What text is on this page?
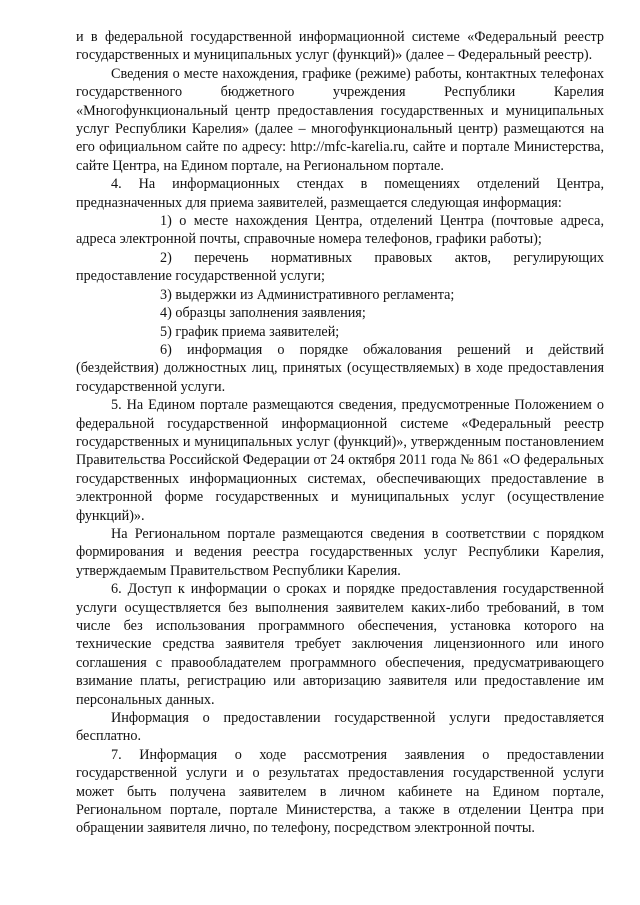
и в федеральной государственной информационной системе «Федеральный реестр государственных и муниципальных услуг (функций)» (далее – Федеральный реестр).

Сведения о месте нахождения, графике (режиме) работы, контактных телефонах государственного бюджетного учреждения Республики Карелия «Многофункциональный центр предоставления государственных и муниципальных услуг Республики Карелия» (далее – многофункциональный центр) размещаются на его официальном сайте по адресу: http://mfc-karelia.ru, сайте и портале Министерства, сайте Центра, на Едином портале, на Региональном портале.

4. На информационных стендах в помещениях отделений Центра, предназначенных для приема заявителей, размещается следующая информация:

1) о месте нахождения Центра, отделений Центра (почтовые адреса, адреса электронной почты, справочные номера телефонов, графики работы);

2) перечень нормативных правовых актов, регулирующих предоставление государственной услуги;

3) выдержки из Административного регламента;

4) образцы заполнения заявления;

5) график приема заявителей;

6) информация о порядке обжалования решений и действий (бездействия) должностных лиц, принятых (осуществляемых) в ходе предоставления государственной услуги.

5. На Едином портале размещаются сведения, предусмотренные Положением о федеральной государственной информационной системе «Федеральный реестр государственных и муниципальных услуг (функций)», утвержденным постановлением Правительства Российской Федерации от 24 октября 2011 года № 861 «О федеральных государственных информационных системах, обеспечивающих предоставление в электронной форме государственных и муниципальных услуг (осуществление функций)».

На Региональном портале размещаются сведения в соответствии с порядком формирования и ведения реестра государственных услуг Республики Карелия, утверждаемым Правительством Республики Карелия.

6. Доступ к информации о сроках и порядке предоставления государственной услуги осуществляется без выполнения заявителем каких-либо требований, в том числе без использования программного обеспечения, установка которого на технические средства заявителя требует заключения лицензионного или иного соглашения с правообладателем программного обеспечения, предусматривающего взимание платы, регистрацию или авторизацию заявителя или предоставление им персональных данных.

Информация о предоставлении государственной услуги предоставляется бесплатно.

7. Информация о ходе рассмотрения заявления о предоставлении государственной услуги и о результатах предоставления государственной услуги может быть получена заявителем в личном кабинете на Едином портале, Региональном портале, портале Министерства, а также в отделении Центра при обращении заявителя лично, по телефону, посредством электронной почты.
